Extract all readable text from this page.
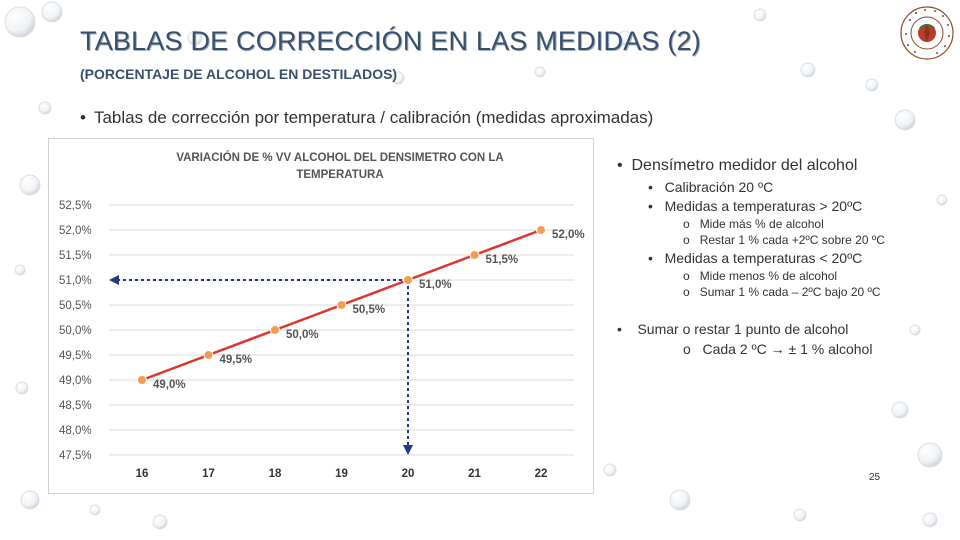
TABLAS DE CORRECCIÓN EN LAS MEDIDAS (2)
(PORCENTAJE DE ALCOHOL EN DESTILADOS)
• Tablas de corrección por temperatura / calibración (medidas aproximadas)
VARIACIÓN DE % VV ALCOHOL DEL DENSIMETRO CON LA
TEMPERATURA
47,5%
48,0%
48,5%
49,0%
49,5%
50,0%
50,5%
51,0%
51,5%
52,0%
52,5%
16	17	18	19	20	21	22
49,0%
49,5%
50,0%
50,5%
51,0%
51,5%
52,0%
•  Densímetro medidor del alcohol
•   Calibración 20 ºC
•   Medidas a temperaturas > 20ºC
o   Mide más % de alcohol
o   Restar 1 % cada +2ºC sobre 20 ºC
•   Medidas a temperaturas < 20ºC
o   Mide menos % de alcohol
o   Sumar 1 % cada – 2ºC bajo 20 ºC
•    Sumar o restar 1 punto de alcohol
o   Cada 2 ºC → ± 1 % alcohol
25
